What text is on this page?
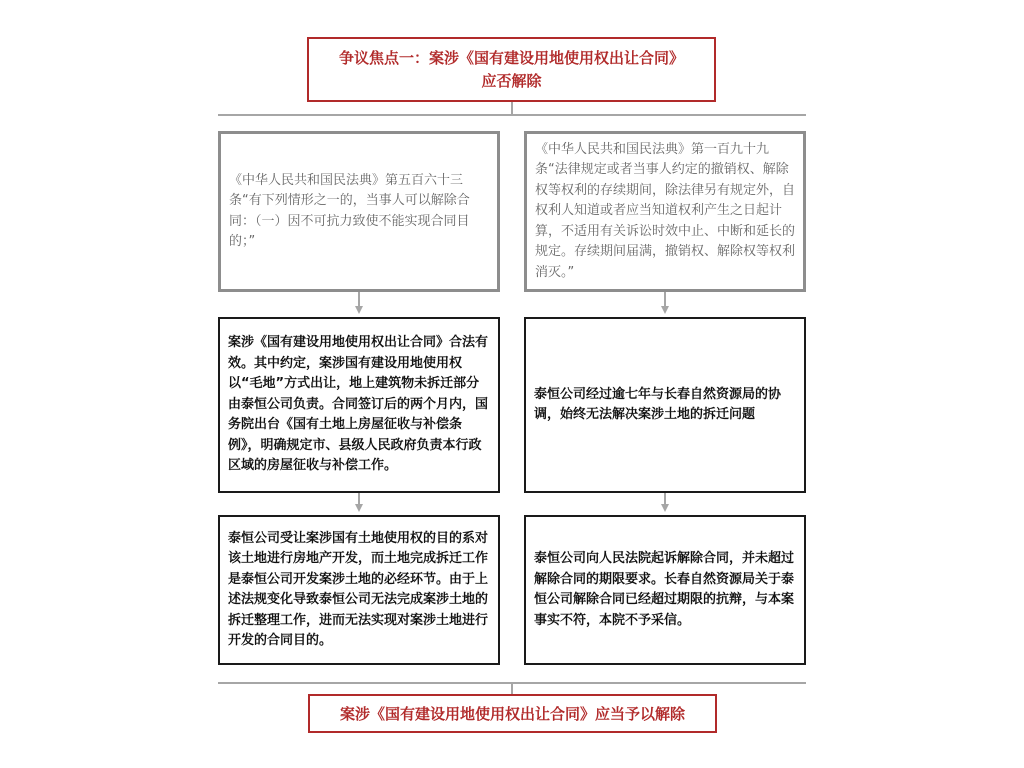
争议焦点一：案涉《国有建设用地使用权出让合同》
应否解除
《中华人民共和国民法典》第五百六十三条“有下列情形之一的，当事人可以解除合同：（一）因不可抗力致使不能实现合同目的；”
《中华人民共和国民法典》第一百九十九条“法律规定或者当事人约定的撤销权、解除权等权利的存续期间，除法律另有规定外，自权利人知道或者应当知道权利产生之日起计算，不适用有关诉讼时效中止、中断和延长的规定。存续期间届满，撤销权、解除权等权利消灭。”
案涉《国有建设用地使用权出让合同》合法有效。其中约定，案涉国有建设用地使用权以“毛地”方式出让，地上建筑物未拆迁部分由泰恒公司负责。合同签订后的两个月内，国务院出台《国有土地上房屋征收与补偿条例》，明确规定市、县级人民政府负责本行政区域的房屋征收与补偿工作。
泰恒公司经过逾七年与长春自然资源局的协调，始终无法解决案涉土地的拆迁问题
泰恒公司受让案涉国有土地使用权的目的系对该土地进行房地产开发，而土地完成拆迁工作是泰恒公司开发案涉土地的必经环节。由于上述法规变化导致泰恒公司无法完成案涉土地的拆迁整理工作，进而无法实现对案涉土地进行开发的合同目的。
泰恒公司向人民法院起诉解除合同，并未超过解除合同的期限要求。长春自然资源局关于泰恒公司解除合同已经超过期限的抗辩，与本案事实不符，本院不予采信。
案涉《国有建设用地使用权出让合同》应当予以解除
